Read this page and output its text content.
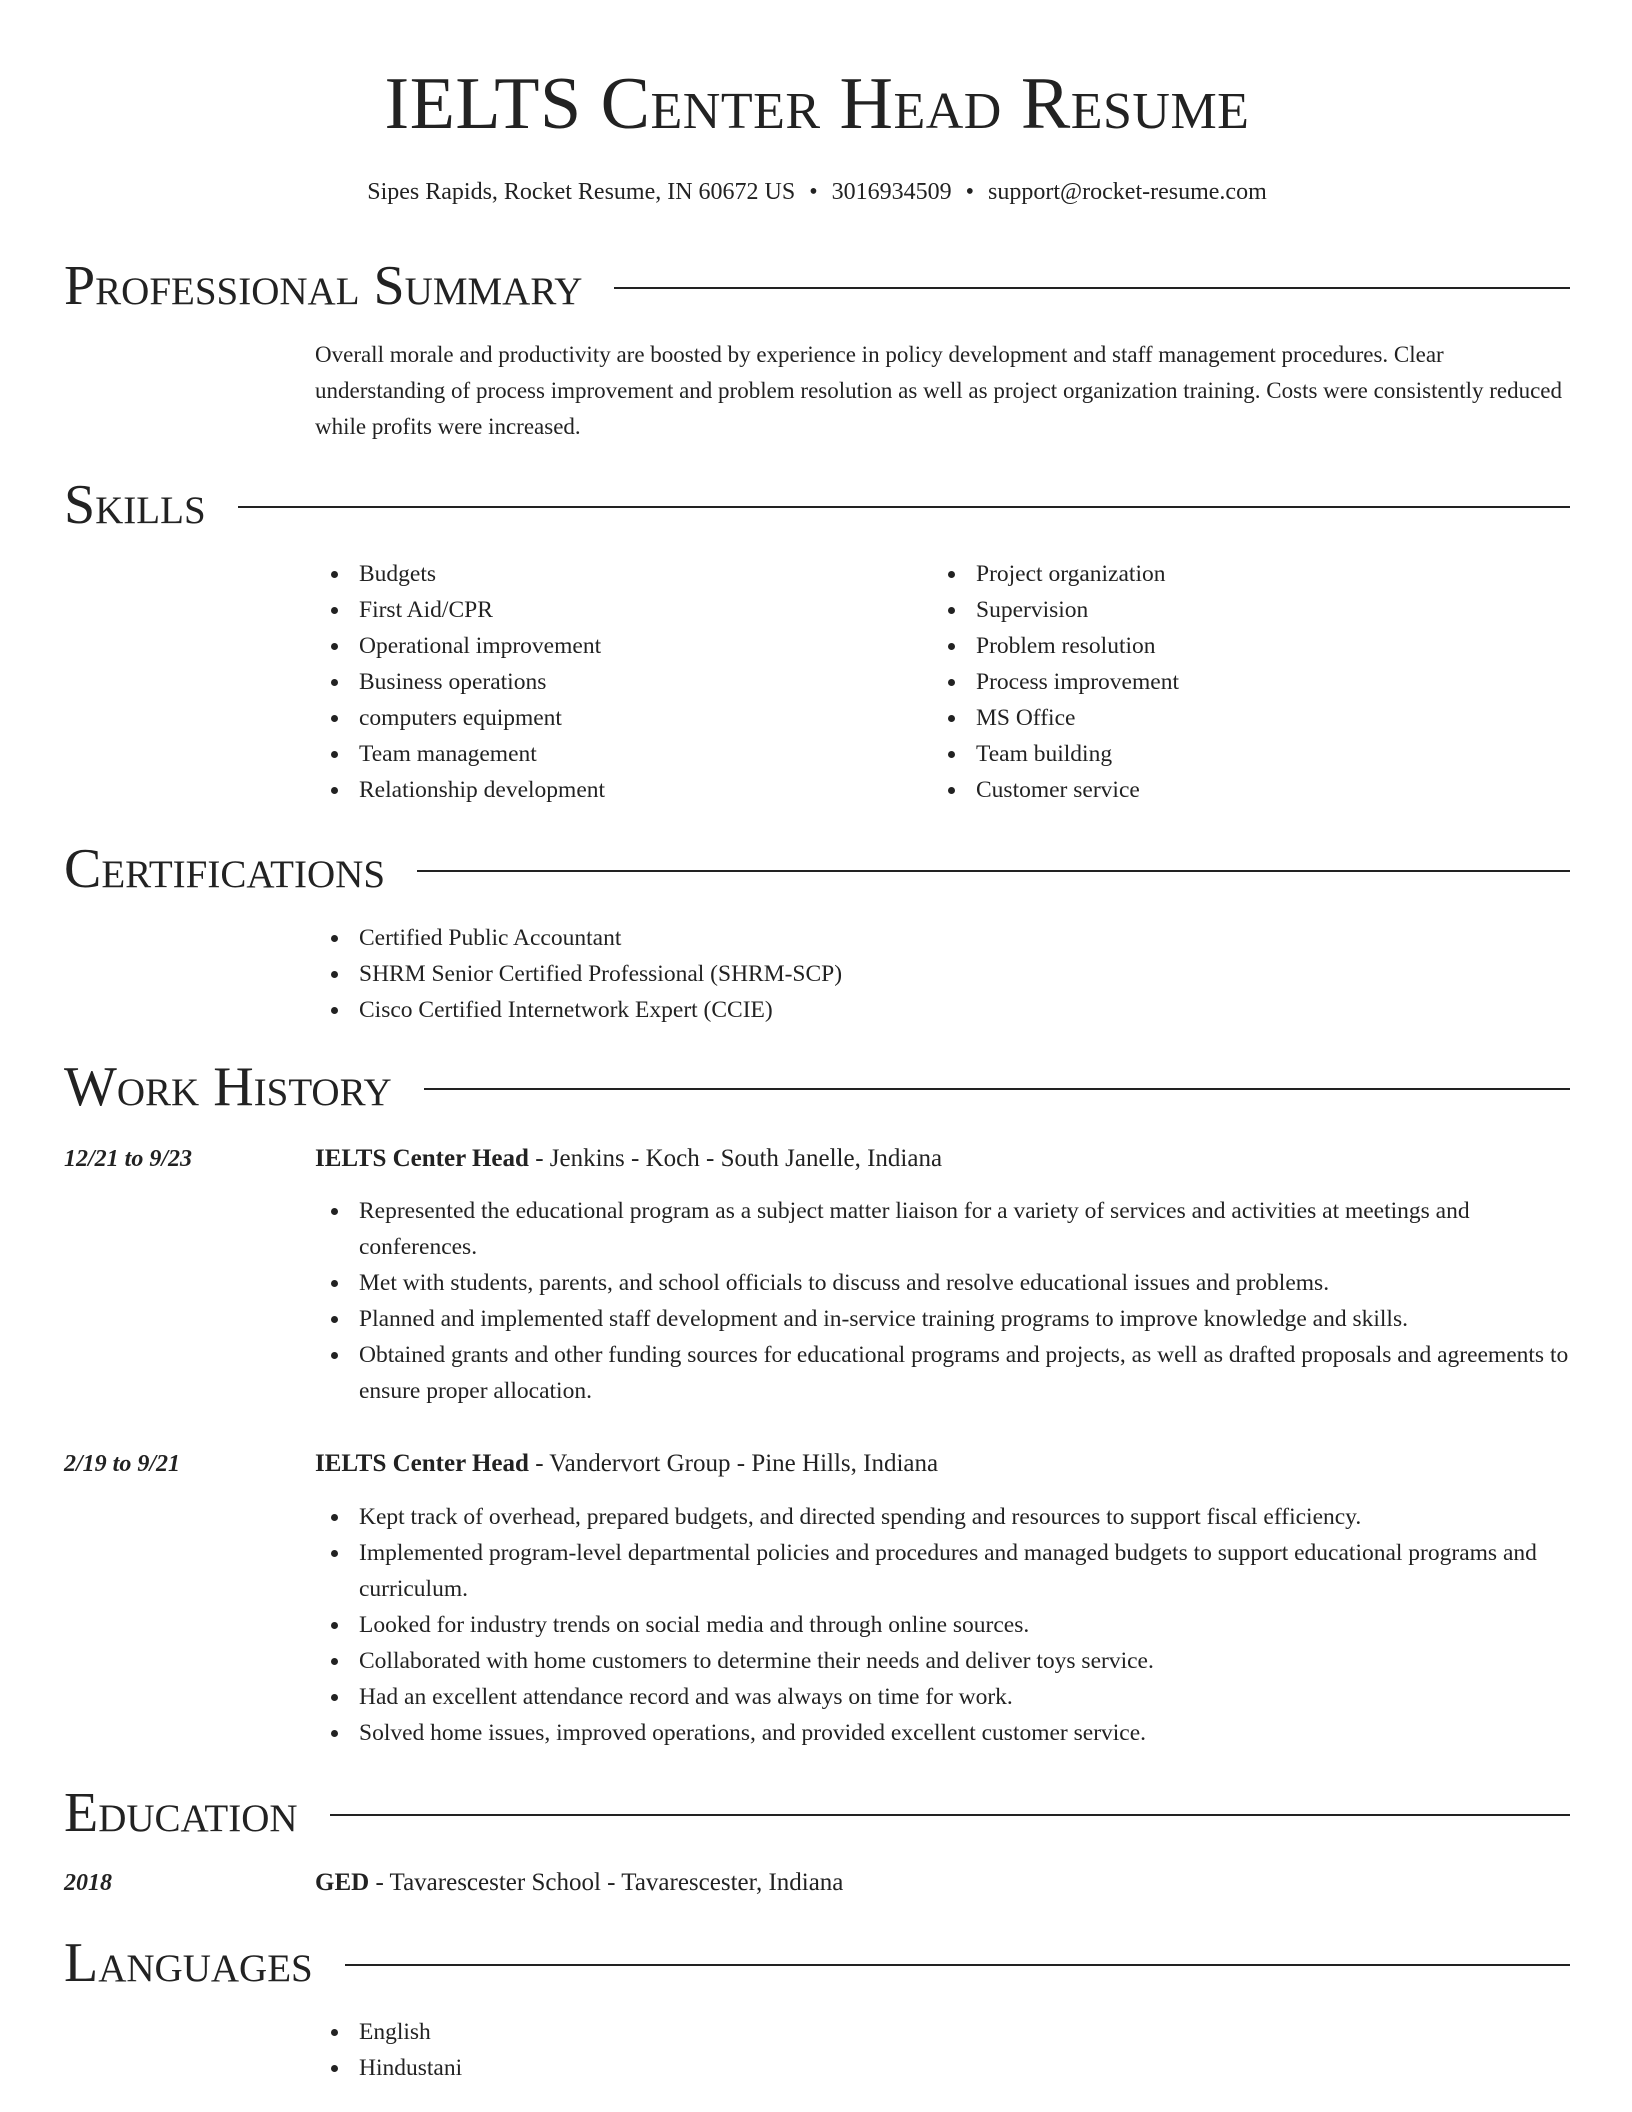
IELTS Center Head Resume
Sipes Rapids, Rocket Resume, IN 60672 US • 3016934509 • support@rocket-resume.com
Professional Summary
Overall morale and productivity are boosted by experience in policy development and staff management procedures. Clear understanding of process improvement and problem resolution as well as project organization training. Costs were consistently reduced while profits were increased.
Skills
Budgets
First Aid/CPR
Operational improvement
Business operations
computers equipment
Team management
Relationship development
Project organization
Supervision
Problem resolution
Process improvement
MS Office
Team building
Customer service
Certifications
Certified Public Accountant
SHRM Senior Certified Professional (SHRM-SCP)
Cisco Certified Internetwork Expert (CCIE)
Work History
12/21 to 9/23	IELTS Center Head - Jenkins - Koch - South Janelle, Indiana
Represented the educational program as a subject matter liaison for a variety of services and activities at meetings and conferences.
Met with students, parents, and school officials to discuss and resolve educational issues and problems.
Planned and implemented staff development and in-service training programs to improve knowledge and skills.
Obtained grants and other funding sources for educational programs and projects, as well as drafted proposals and agreements to ensure proper allocation.
2/19 to 9/21	IELTS Center Head - Vandervort Group - Pine Hills, Indiana
Kept track of overhead, prepared budgets, and directed spending and resources to support fiscal efficiency.
Implemented program-level departmental policies and procedures and managed budgets to support educational programs and curriculum.
Looked for industry trends on social media and through online sources.
Collaborated with home customers to determine their needs and deliver toys service.
Had an excellent attendance record and was always on time for work.
Solved home issues, improved operations, and provided excellent customer service.
Education
2018	GED - Tavarescester School - Tavarescester, Indiana
Languages
English
Hindustani
